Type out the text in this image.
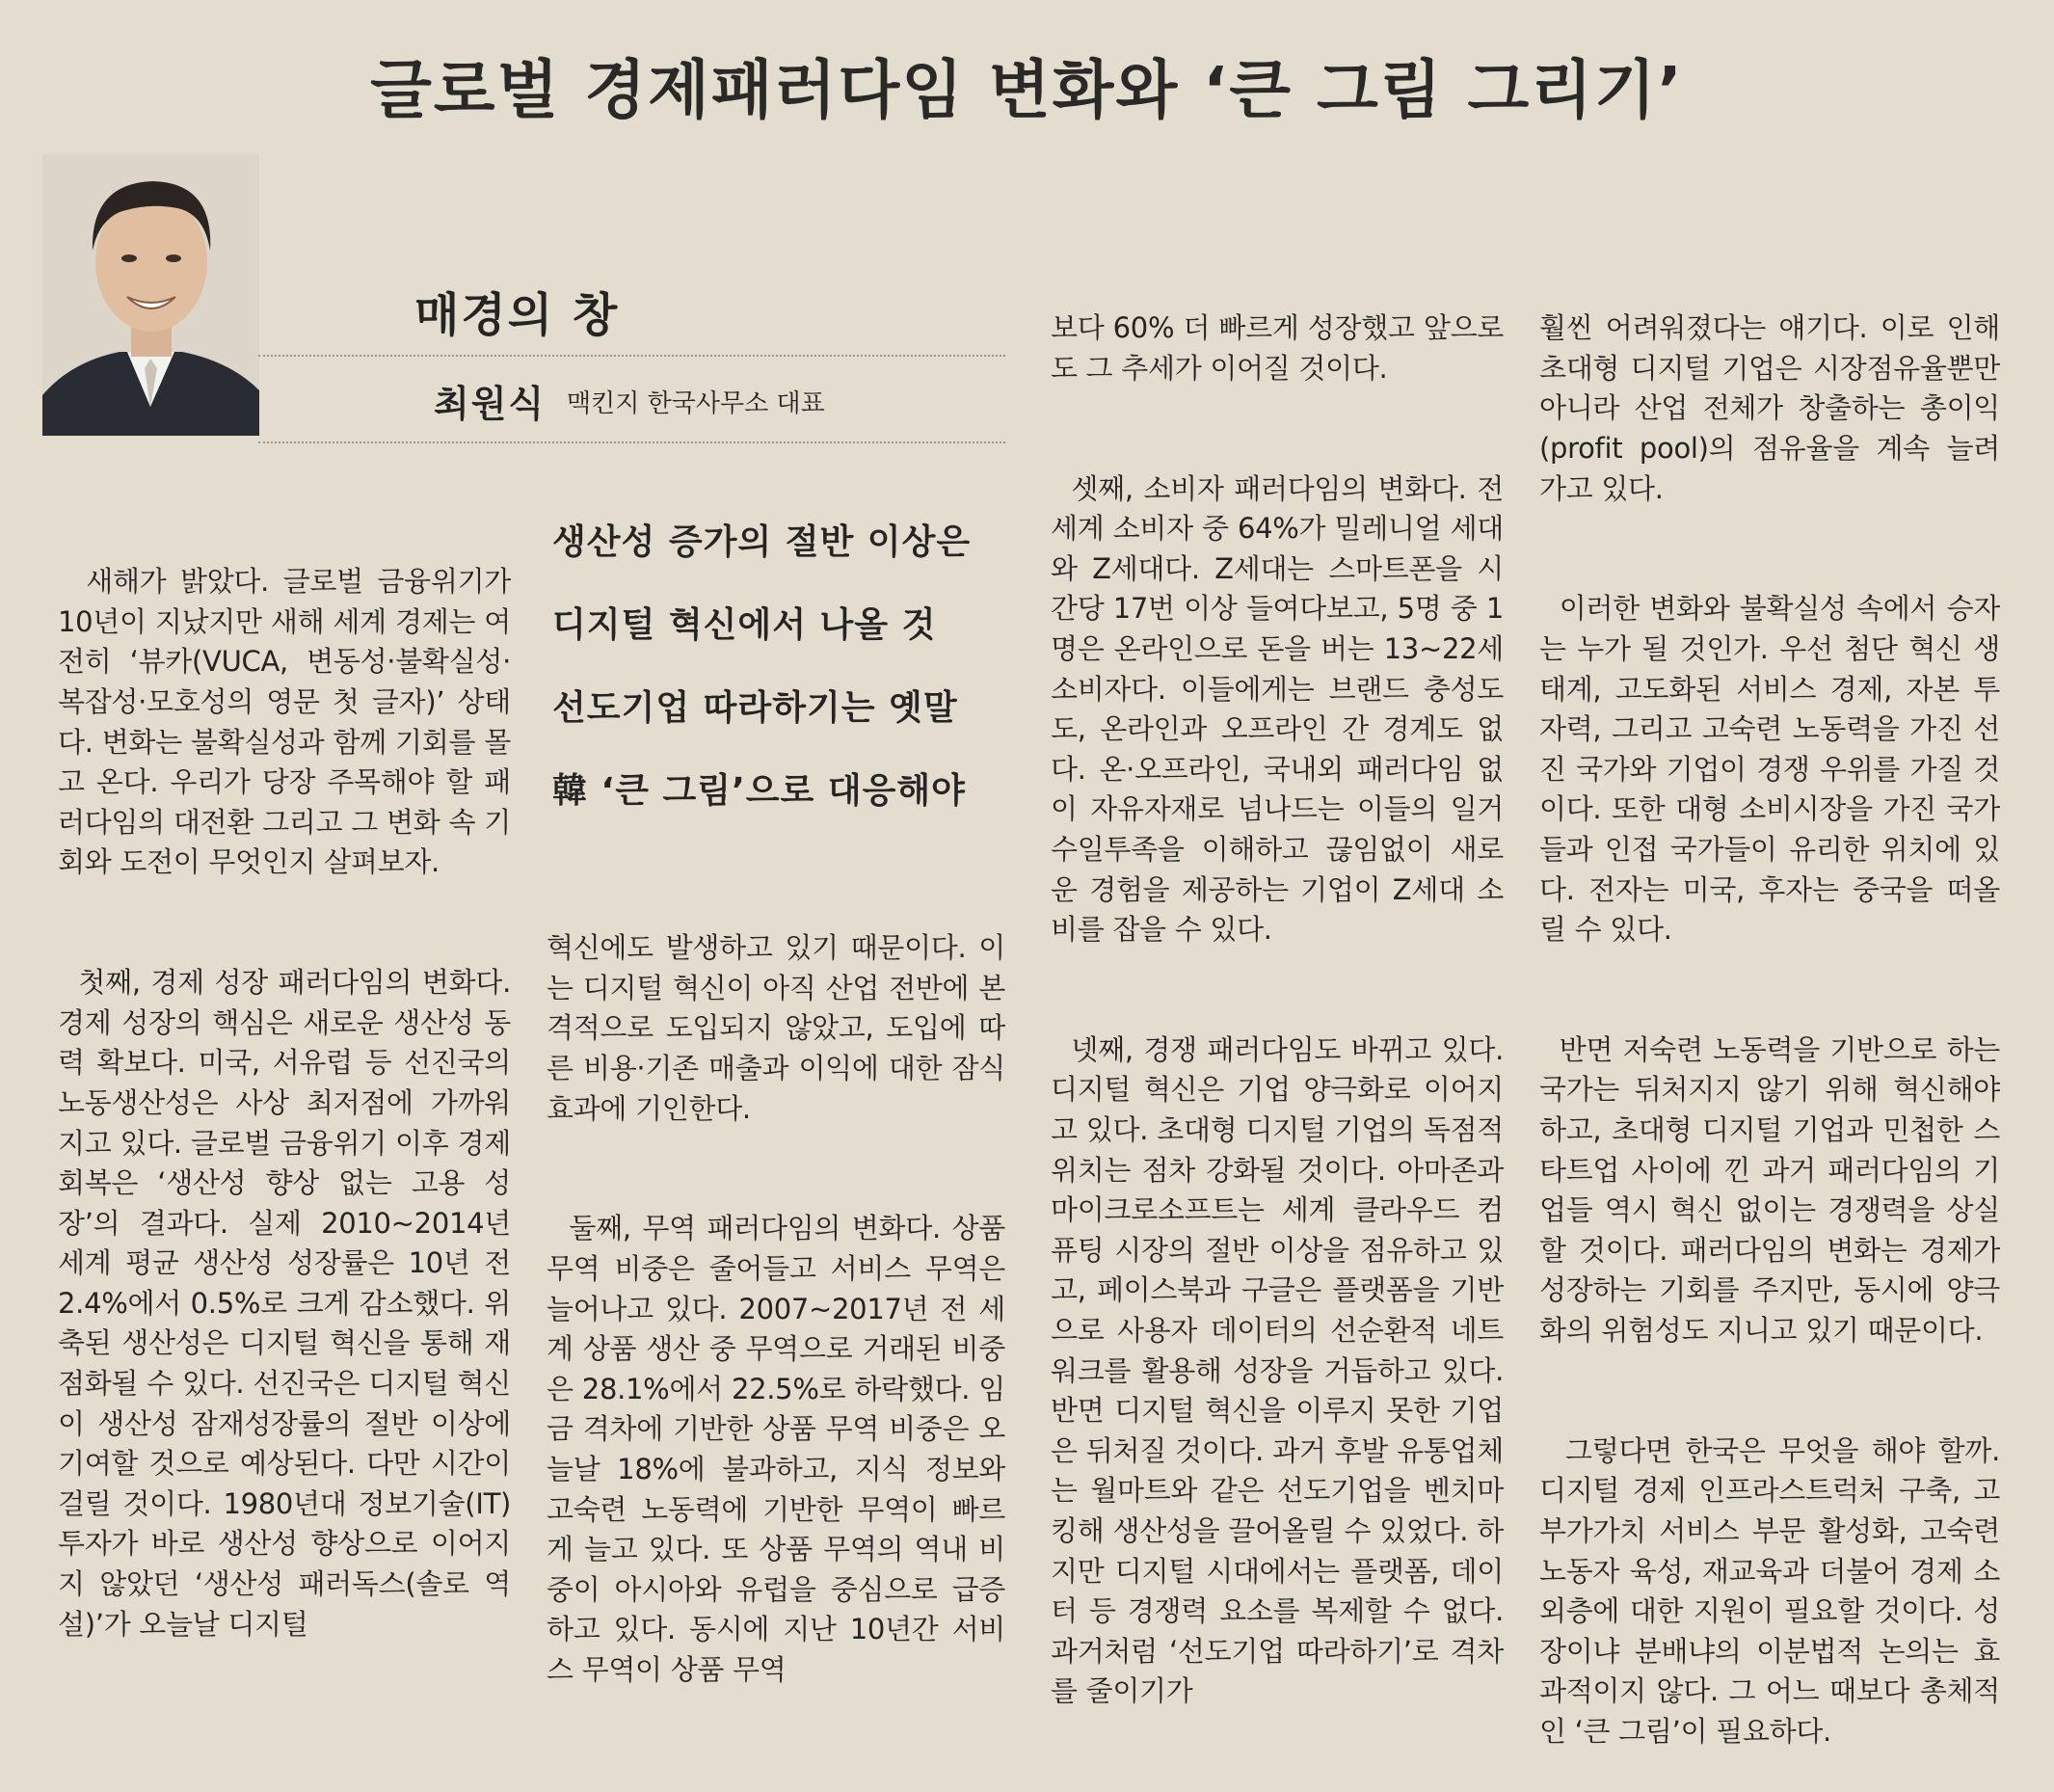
글로벌 경제패러다임 변화와 ‘큰 그림 그리기’
매경의 창
최원식 맥킨지 한국사무소 대표

생산성 증가의 절반 이상은

디지털 혁신에서 나올 것

선도기업 따라하기는 옛말

韓 ‘큰 그림’으로 대응해야

새해가 밝았다. 글로벌 금융위기가 10년이 지났지만 새해 세계 경제는 여전히 ‘뷰카(VUCA, 변동성·불확실성·복잡성·모호성의 영문 첫 글자)’ 상태다. 변화는 불확실성과 함께 기회를 몰고 온다. 우리가 당장 주목해야 할 패러다임의 대전환 그리고 그 변화 속 기회와 도전이 무엇인지 살펴보자.

첫째, 경제 성장 패러다임의 변화다. 경제 성장의 핵심은 새로운 생산성 동력 확보다. 미국, 서유럽 등 선진국의 노동생산성은 사상 최저점에 가까워지고 있다. 글로벌 금융위기 이후 경제 회복은 ‘생산성 향상 없는 고용 성장’의 결과다. 실제 2010~2014년 세계 평균 생산성 성장률은 10년 전 2.4%에서 0.5%로 크게 감소했다. 위축된 생산성은 디지털 혁신을 통해 재점화될 수 있다. 선진국은 디지털 혁신이 생산성 잠재성장률의 절반 이상에 기여할 것으로 예상된다. 다만 시간이 걸릴 것이다. 1980년대 정보기술(IT) 투자가 바로 생산성 향상으로 이어지지 않았던 ‘생산성 패러독스(솔로 역설)’가 오늘날 디지털

혁신에도 발생하고 있기 때문이다. 이는 디지털 혁신이 아직 산업 전반에 본격적으로 도입되지 않았고, 도입에 따른 비용·기존 매출과 이익에 대한 잠식 효과에 기인한다.

둘째, 무역 패러다임의 변화다. 상품 무역 비중은 줄어들고 서비스 무역은 늘어나고 있다. 2007~2017년 전 세계 상품 생산 중 무역으로 거래된 비중은 28.1%에서 22.5%로 하락했다. 임금 격차에 기반한 상품 무역 비중은 오늘날 18%에 불과하고, 지식 정보와 고숙련 노동력에 기반한 무역이 빠르게 늘고 있다. 또 상품 무역의 역내 비중이 아시아와 유럽을 중심으로 급증하고 있다. 동시에 지난 10년간 서비스 무역이 상품 무역

보다 60% 더 빠르게 성장했고 앞으로도 그 추세가 이어질 것이다.

셋째, 소비자 패러다임의 변화다. 전 세계 소비자 중 64%가 밀레니얼 세대와 Z세대다. Z세대는 스마트폰을 시간당 17번 이상 들여다보고, 5명 중 1명은 온라인으로 돈을 버는 13~22세 소비자다. 이들에게는 브랜드 충성도도, 온라인과 오프라인 간 경계도 없다. 온·오프라인, 국내외 패러다임 없이 자유자재로 넘나드는 이들의 일거수일투족을 이해하고 끊임없이 새로운 경험을 제공하는 기업이 Z세대 소비를 잡을 수 있다.

넷째, 경쟁 패러다임도 바뀌고 있다. 디지털 혁신은 기업 양극화로 이어지고 있다. 초대형 디지털 기업의 독점적 위치는 점차 강화될 것이다. 아마존과 마이크로소프트는 세계 클라우드 컴퓨팅 시장의 절반 이상을 점유하고 있고, 페이스북과 구글은 플랫폼을 기반으로 사용자 데이터의 선순환적 네트워크를 활용해 성장을 거듭하고 있다. 반면 디지털 혁신을 이루지 못한 기업은 뒤처질 것이다. 과거 후발 유통업체는 월마트와 같은 선도기업을 벤치마킹해 생산성을 끌어올릴 수 있었다. 하지만 디지털 시대에서는 플랫폼, 데이터 등 경쟁력 요소를 복제할 수 없다. 과거처럼 ‘선도기업 따라하기’로 격차를 줄이기가

훨씬 어려워졌다는 얘기다. 이로 인해 초대형 디지털 기업은 시장점유율뿐만 아니라 산업 전체가 창출하는 총이익(profit pool)의 점유율을 계속 늘려 가고 있다.

이러한 변화와 불확실성 속에서 승자는 누가 될 것인가. 우선 첨단 혁신 생태계, 고도화된 서비스 경제, 자본 투자력, 그리고 고숙련 노동력을 가진 선진 국가와 기업이 경쟁 우위를 가질 것이다. 또한 대형 소비시장을 가진 국가들과 인접 국가들이 유리한 위치에 있다. 전자는 미국, 후자는 중국을 떠올릴 수 있다.

반면 저숙련 노동력을 기반으로 하는 국가는 뒤처지지 않기 위해 혁신해야 하고, 초대형 디지털 기업과 민첩한 스타트업 사이에 낀 과거 패러다임의 기업들 역시 혁신 없이는 경쟁력을 상실할 것이다. 패러다임의 변화는 경제가 성장하는 기회를 주지만, 동시에 양극화의 위험성도 지니고 있기 때문이다.

그렇다면 한국은 무엇을 해야 할까. 디지털 경제 인프라스트럭처 구축, 고부가가치 서비스 부문 활성화, 고숙련 노동자 육성, 재교육과 더불어 경제 소외층에 대한 지원이 필요할 것이다. 성장이냐 분배냐의 이분법적 논의는 효과적이지 않다. 그 어느 때보다 총체적인 ‘큰 그림’이 필요하다.
